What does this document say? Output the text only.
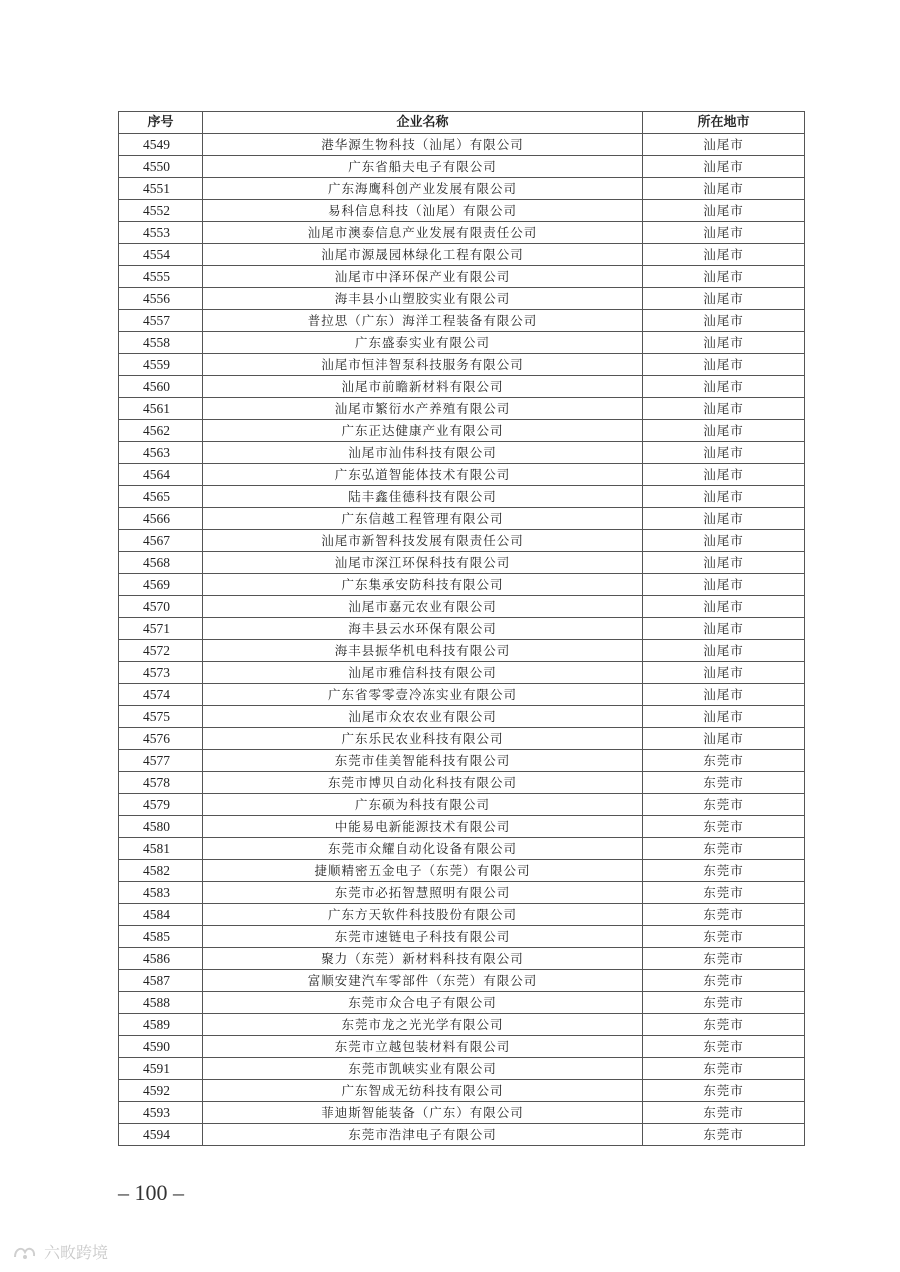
序号	企业名称	所在地市
4549	港华源生物科技（汕尾）有限公司	汕尾市
4550	广东省船夫电子有限公司	汕尾市
4551	广东海鹰科创产业发展有限公司	汕尾市
4552	易科信息科技（汕尾）有限公司	汕尾市
4553	汕尾市澳泰信息产业发展有限责任公司	汕尾市
4554	汕尾市源晟园林绿化工程有限公司	汕尾市
4555	汕尾市中泽环保产业有限公司	汕尾市
4556	海丰县小山塑胶实业有限公司	汕尾市
4557	普拉思（广东）海洋工程装备有限公司	汕尾市
4558	广东盛泰实业有限公司	汕尾市
4559	汕尾市恒沣智泵科技服务有限公司	汕尾市
4560	汕尾市前瞻新材料有限公司	汕尾市
4561	汕尾市繁衍水产养殖有限公司	汕尾市
4562	广东正达健康产业有限公司	汕尾市
4563	汕尾市汕伟科技有限公司	汕尾市
4564	广东弘道智能体技术有限公司	汕尾市
4565	陆丰鑫佳德科技有限公司	汕尾市
4566	广东信越工程管理有限公司	汕尾市
4567	汕尾市新智科技发展有限责任公司	汕尾市
4568	汕尾市深江环保科技有限公司	汕尾市
4569	广东集承安防科技有限公司	汕尾市
4570	汕尾市嘉元农业有限公司	汕尾市
4571	海丰县云水环保有限公司	汕尾市
4572	海丰县振华机电科技有限公司	汕尾市
4573	汕尾市雅信科技有限公司	汕尾市
4574	广东省零零壹冷冻实业有限公司	汕尾市
4575	汕尾市众农农业有限公司	汕尾市
4576	广东乐民农业科技有限公司	汕尾市
4577	东莞市佳美智能科技有限公司	东莞市
4578	东莞市博贝自动化科技有限公司	东莞市
4579	广东硕为科技有限公司	东莞市
4580	中能易电新能源技术有限公司	东莞市
4581	东莞市众耀自动化设备有限公司	东莞市
4582	捷顺精密五金电子（东莞）有限公司	东莞市
4583	东莞市必拓智慧照明有限公司	东莞市
4584	广东方天软件科技股份有限公司	东莞市
4585	东莞市速链电子科技有限公司	东莞市
4586	聚力（东莞）新材料科技有限公司	东莞市
4587	富顺安建汽车零部件（东莞）有限公司	东莞市
4588	东莞市众合电子有限公司	东莞市
4589	东莞市龙之光光学有限公司	东莞市
4590	东莞市立越包装材料有限公司	东莞市
4591	东莞市凯峡实业有限公司	东莞市
4592	广东智成无纺科技有限公司	东莞市
4593	菲迪斯智能装备（广东）有限公司	东莞市
4594	东莞市浩津电子有限公司	东莞市
– 100 –
六畋跨境
